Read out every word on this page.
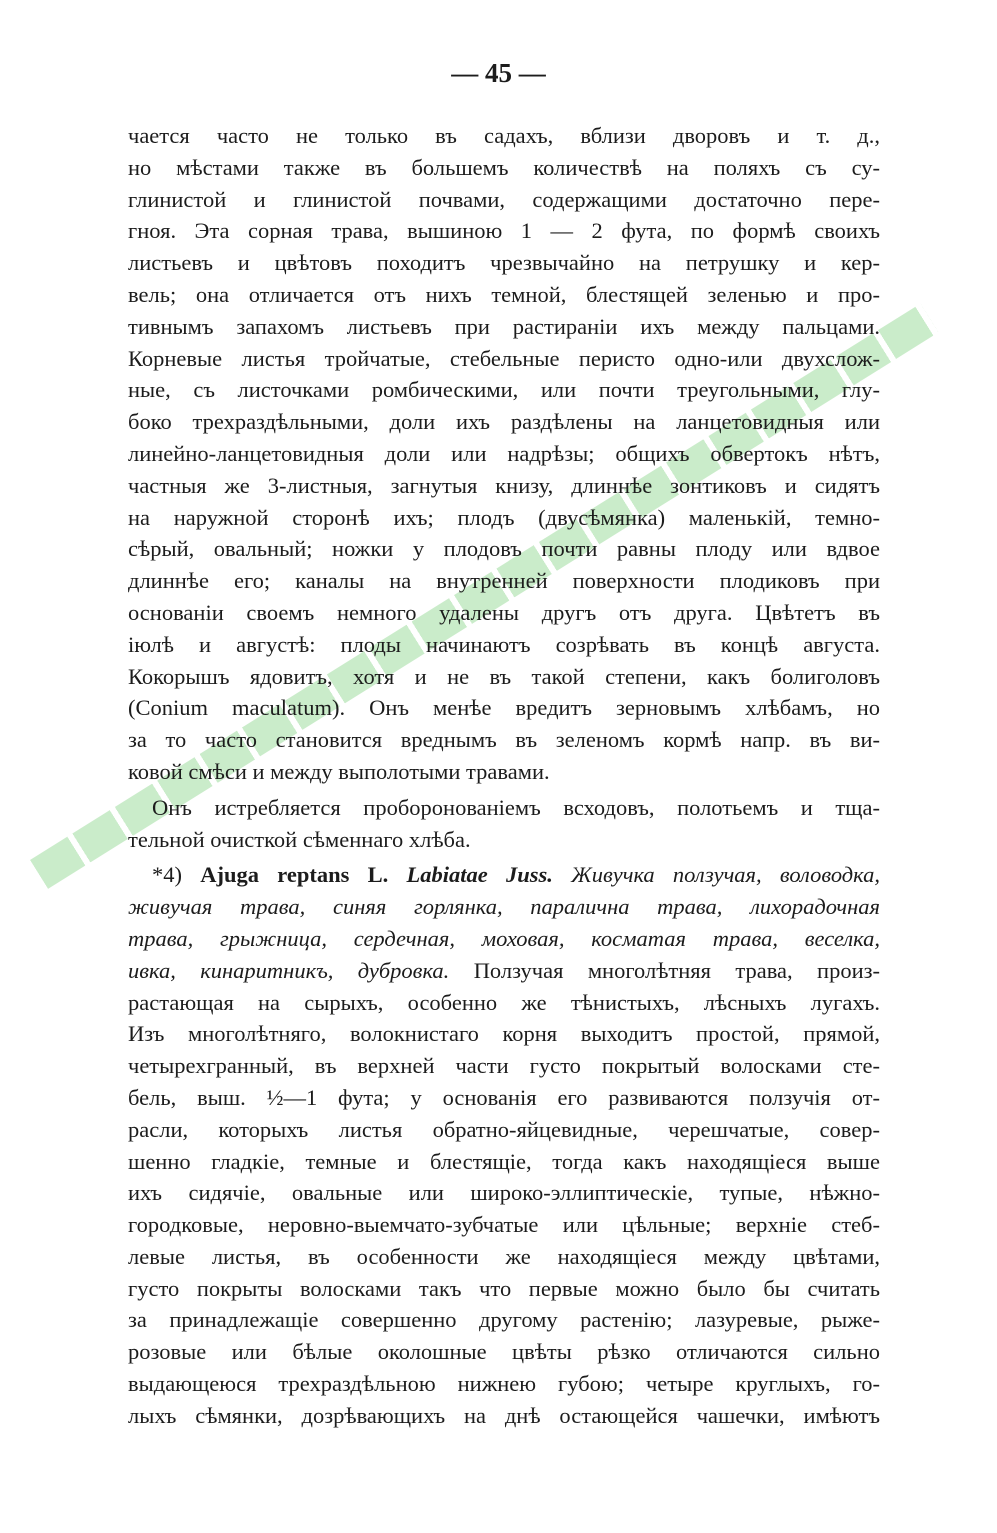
— 45 —
чается часто не только въ садахъ, вблизи дворовъ и т. д.,
но мѣстами также въ большемъ количествѣ на поляхъ съ су-
глинистой и глинистой почвами, содержащими достаточно пере-
гноя. Эта сорная трава, вышиною 1 — 2 фута, по формѣ своихъ
листьевъ и цвѣтовъ походитъ чрезвычайно на петрушку и кер-
вель; она отличается отъ нихъ темной, блестящей зеленью и про-
тивнымъ запахомъ листьевъ при растираніи ихъ между пальцами.
Корневые листья тройчатые, стебельные перисто одно-или двухслож-
ные, съ листочками ромбическими, или почти треугольными, глу-
боко трехраздѣльными, доли ихъ раздѣлены на ланцетовидныя или
линейно-ланцетовидныя доли или надрѣзы; общихъ обвертокъ нѣтъ,
частныя же 3-листныя, загнутыя книзу, длиннѣе зонтиковъ и сидятъ
на наружной сторонѣ ихъ; плодъ (двусѣмянка) маленькій, темно-
сѣрый, овальный; ножки у плодовъ почти равны плоду или вдвое
длиннѣе его; каналы на внутренней поверхности плодиковъ при
основаніи своемъ немного удалены другъ отъ друга. Цвѣтетъ въ
іюлѣ и августѣ: плоды начинаютъ созрѣвать въ концѣ августа.
Кокорышъ ядовитъ, хотя и не въ такой степени, какъ болиголовъ
(Conium maculatum). Онъ менѣе вредитъ зерновымъ хлѣбамъ, но
за то часто становится вреднымъ въ зеленомъ кормѣ напр. въ ви-
ковой смѣси и между выполотыми травами.
Онъ истребляется проборонованіемъ всходовъ, полотьемъ и тща-
тельной очисткой сѣменнаго хлѣба.
*4) Ajuga reptans L. Labiatae Juss. Живучка ползучая, воловодка,
живучая трава, синяя горлянка, паралична трава, лихорадочная
трава, грыжница, сердечная, моховая, косматая трава, веселка,
ивка, кинаритникъ, дубровка. Ползучая многолѣтняя трава, произ-
растающая на сырыхъ, особенно же тѣнистыхъ, лѣсныхъ лугахъ.
Изъ многолѣтняго, волокнистаго корня выходитъ простой, прямой,
четырехгранный, въ верхней части густо покрытый волосками сте-
бель, выш. ½—1 фута; у основанія его развиваются ползучія от-
расли, которыхъ листья обратно-яйцевидные, черешчатые, совер-
шенно гладкіе, темные и блестящіе, тогда какъ находящіеся выше
ихъ сидячіе, овальные или широко-эллиптическіе, тупые, нѣжно-
городковые, неровно-выемчато-зубчатые или цѣльные; верхніе стеб-
левые листья, въ особенности же находящіеся между цвѣтами,
густо покрыты волосками такъ что первые можно было бы считать
за принадлежащіе совершенно другому растенію; лазуревые, рыже-
розовые или бѣлые околошные цвѣты рѣзко отличаются сильно
выдающеюся трехраздѣльною нижнею губою; четыре круглыхъ, го-
лыхъ сѣмянки, дозрѣвающихъ на днѣ остающейся чашечки, имѣютъ
